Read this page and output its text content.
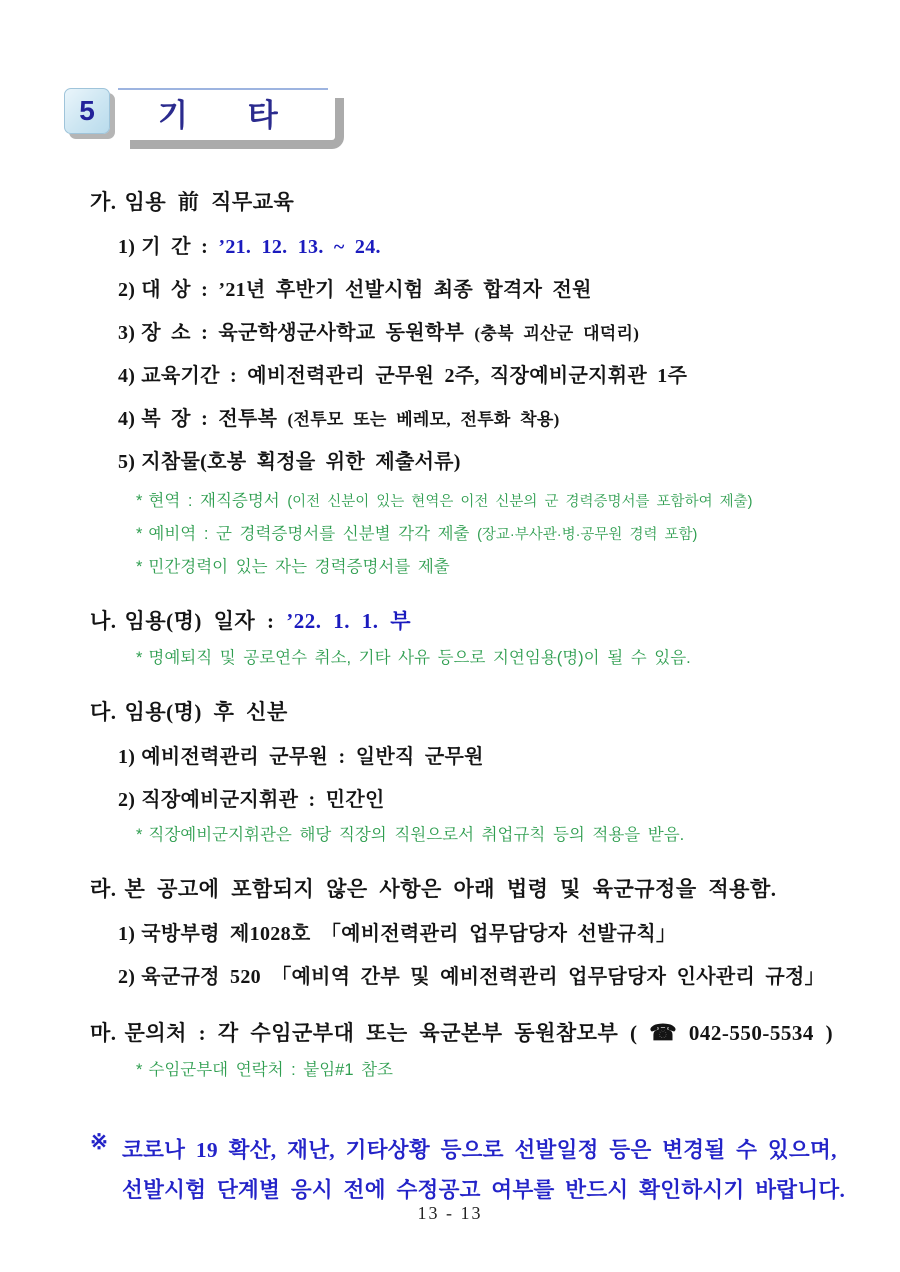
5 기 타
가. 임용 前 직무교육
1) 기 간 : ’21. 12. 13. ~ 24.
2) 대 상 : ’21년 후반기 선발시험 최종 합격자 전원
3) 장 소 : 육군학생군사학교 동원학부 (충북 괴산군 대덕리)
4) 교육기간 : 예비전력관리 군무원 2주, 직장예비군지휘관 1주
4) 복 장 : 전투복 (전투모 또는 베레모, 전투화 착용)
5) 지참물(호봉 획정을 위한 제출서류)
* 현역 : 재직증명서 (이전 신분이 있는 현역은 이전 신분의 군 경력증명서를 포함하여 제출)
* 예비역 : 군 경력증명서를 신분별 각각 제출 (장교·부사관·병·공무원 경력 포함)
* 민간경력이 있는 자는 경력증명서를 제출
나. 임용(명) 일자 : ’22. 1. 1. 부
* 명예퇴직 및 공로연수 취소, 기타 사유 등으로 지연임용(명)이 될 수 있음.
다. 임용(명) 후 신분
1) 예비전력관리 군무원 : 일반직 군무원
2) 직장예비군지휘관 : 민간인
* 직장예비군지휘관은 해당 직장의 직원으로서 취업규칙 등의 적용을 받음.
라. 본 공고에 포함되지 않은 사항은 아래 법령 및 육군규정을 적용함.
1) 국방부령 제1028호 「예비전력관리 업무담당자 선발규칙」
2) 육군규정 520 「예비역 간부 및 예비전력관리 업무담당자 인사관리 규정」
마. 문의처 : 각 수임군부대 또는 육군본부 동원참모부 ( ☎ 042-550-5534 )
* 수임군부대 연락처 : 붙임#1 참조
※ 코로나 19 확산, 재난, 기타상황 등으로 선발일정 등은 변경될 수 있으며,
선발시험 단계별 응시 전에 수정공고 여부를 반드시 확인하시기 바랍니다.
13 - 13
